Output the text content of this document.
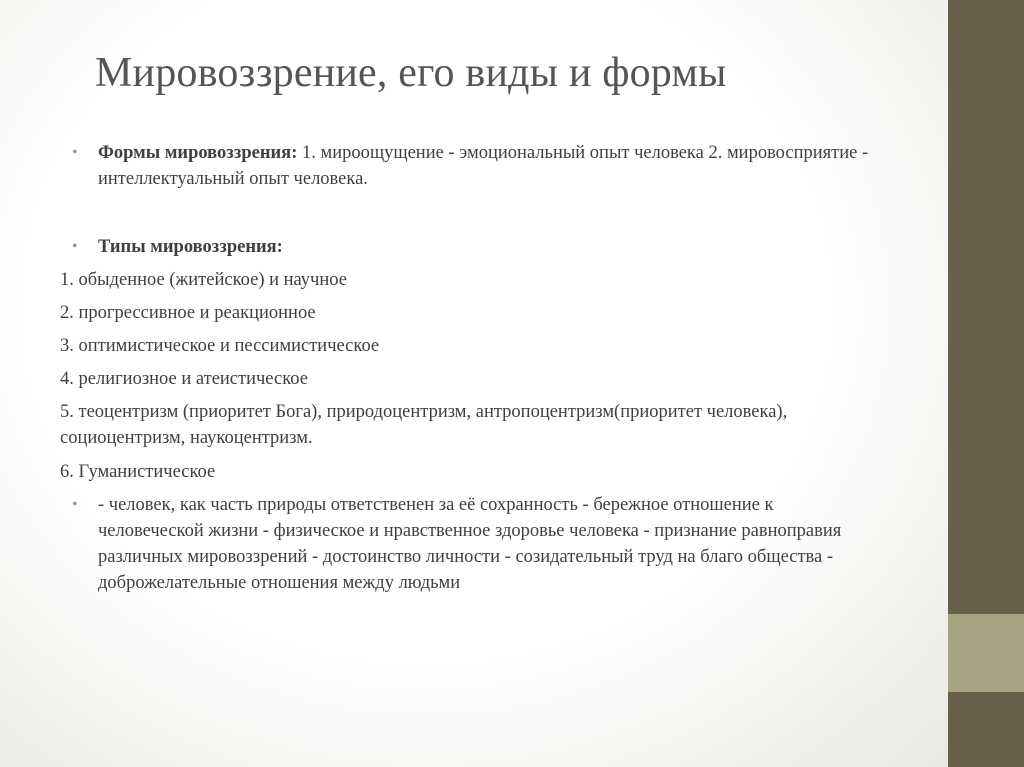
Мировоззрение, его виды и формы
• Формы мировоззрения: 1. мироощущение - эмоциональный опыт человека 2. мировосприятие - интеллектуальный опыт человека.
• Типы мировоззрения:
1. обыденное (житейское) и научное
2. прогрессивное и реакционное
3. оптимистическое и пессимистическое
4. религиозное и атеистическое
5. теоцентризм (приоритет Бога), природоцентризм, антропоцентризм(приоритет человека), социоцентризм, наукоцентризм.
6. Гуманистическое
• - человек, как часть природы ответственен за её сохранность - бережное отношение к человеческой жизни - физическое и нравственное здоровье человека - признание равноправия различных мировоззрений - достоинство личности - созидательный труд на благо общества - доброжелательные отношения между людьми
